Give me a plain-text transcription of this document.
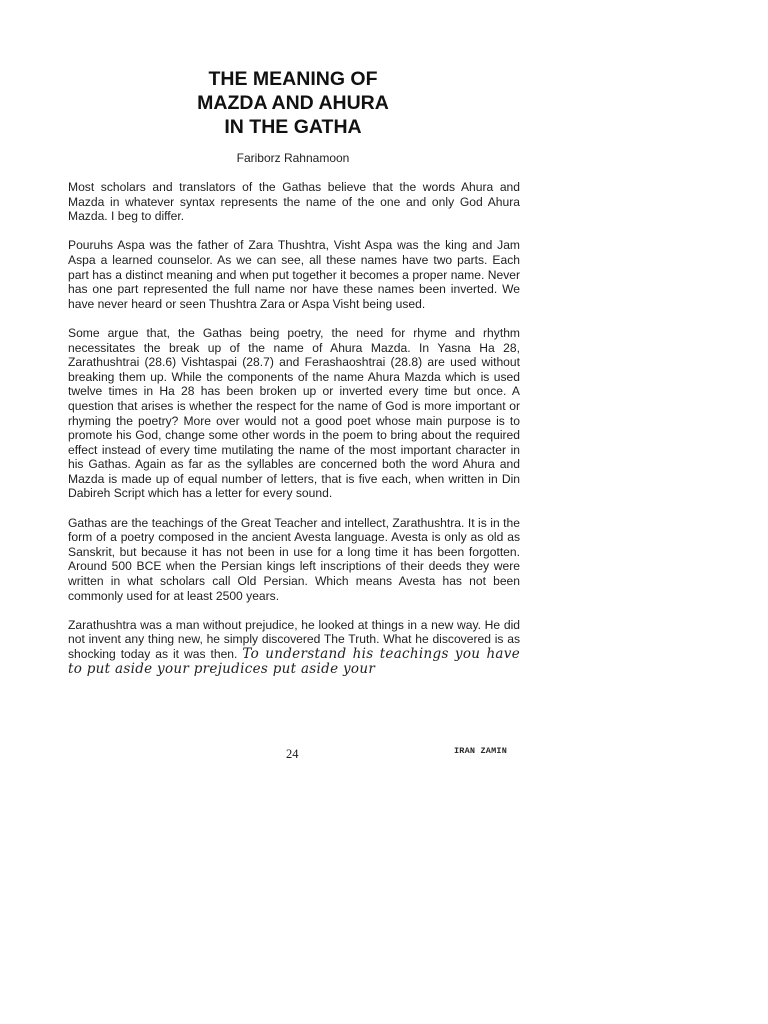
THE MEANING OF
MAZDA AND AHURA
IN THE GATHA
Fariborz Rahnamoon

Most scholars and translators of the Gathas believe that the words Ahura and Mazda in whatever syntax represents the name of the one and only God Ahura Mazda. I beg to differ.

Pouruhs Aspa was the father of Zara Thushtra, Visht Aspa was the king and Jam Aspa a learned counselor. As we can see, all these names have two parts. Each part has a distinct meaning and when put together it becomes a proper name. Never has one part represented the full name nor have these names been inverted. We have never heard or seen Thushtra Zara or Aspa Visht being used.

Some argue that, the Gathas being poetry, the need for rhyme and rhythm necessitates the break up of the name of Ahura Mazda. In Yasna Ha 28, Zarathushtrai (28.6) Vishtaspai (28.7) and Ferashaoshtrai (28.8) are used without breaking them up. While the components of the name Ahura Mazda which is used twelve times in Ha 28 has been broken up or inverted every time but once. A question that arises is whether the respect for the name of God is more important or rhyming the poetry? More over would not a good poet whose main purpose is to promote his God, change some other words in the poem to bring about the required effect instead of every time mutilating the name of the most important character in his Gathas. Again as far as the syllables are concerned both the word Ahura and Mazda is made up of equal number of letters, that is five each, when written in Din Dabireh Script which has a letter for every sound.

Gathas are the teachings of the Great Teacher and intellect, Zarathushtra. It is in the form of a poetry composed in the ancient Avesta language. Avesta is only as old as Sanskrit, but because it has not been in use for a long time it has been forgotten. Around 500 BCE when the Persian kings left inscriptions of their deeds they were written in what scholars call Old Persian. Which means Avesta has not been commonly used for at least 2500 years.

Zarathushtra was a man without prejudice, he looked at things in a new way. He did not invent any thing new, he simply discovered The Truth. What he discovered is as shocking today as it was then. To understand his teachings you have to put aside your prejudices put aside your

24	IRAN ZAMIN
